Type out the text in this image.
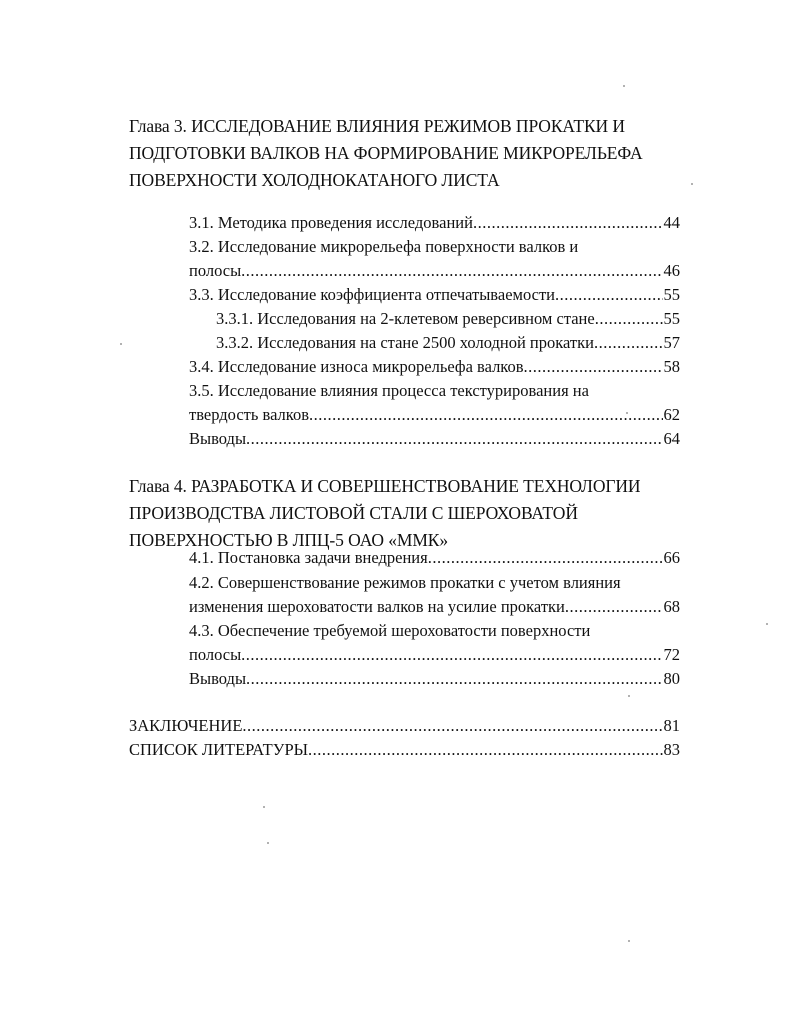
Глава 3. ИССЛЕДОВАНИЕ ВЛИЯНИЯ РЕЖИМОВ ПРОКАТКИ И ПОДГОТОВКИ ВАЛКОВ НА ФОРМИРОВАНИЕ МИКРОРЕЛЬЕФА ПОВЕРХНОСТИ ХОЛОДНОКАТАНОГО ЛИСТА
3.1. Методика проведения исследований .....	44
3.2. Исследование микрорельефа поверхности валков и
полосы .....	46
3.3. Исследование коэффициента отпечатываемости .....	55
3.3.1. Исследования на 2-клетевом реверсивном стане .....	55
3.3.2. Исследования на стане 2500 холодной прокатки .....	57
3.4. Исследование износа микрорельефа валков .....	58
3.5. Исследование влияния процесса текстурирования на
твердость валков .....	62
Выводы .....	64
Глава 4. РАЗРАБОТКА И СОВЕРШЕНСТВОВАНИЕ ТЕХНОЛОГИИ ПРОИЗВОДСТВА ЛИСТОВОЙ СТАЛИ С ШЕРОХОВАТОЙ ПОВЕРХНОСТЬЮ В ЛПЦ-5 ОАО «ММК»
4.1. Постановка задачи внедрения .....	66
4.2. Совершенствование режимов прокатки с учетом влияния
изменения шероховатости валков на усилие прокатки .....	68
4.3. Обеспечение требуемой шероховатости поверхности
полосы .....	72
Выводы .....	80
ЗАКЛЮЧЕНИЕ .....	81
СПИСОК ЛИТЕРАТУРЫ .....	83
